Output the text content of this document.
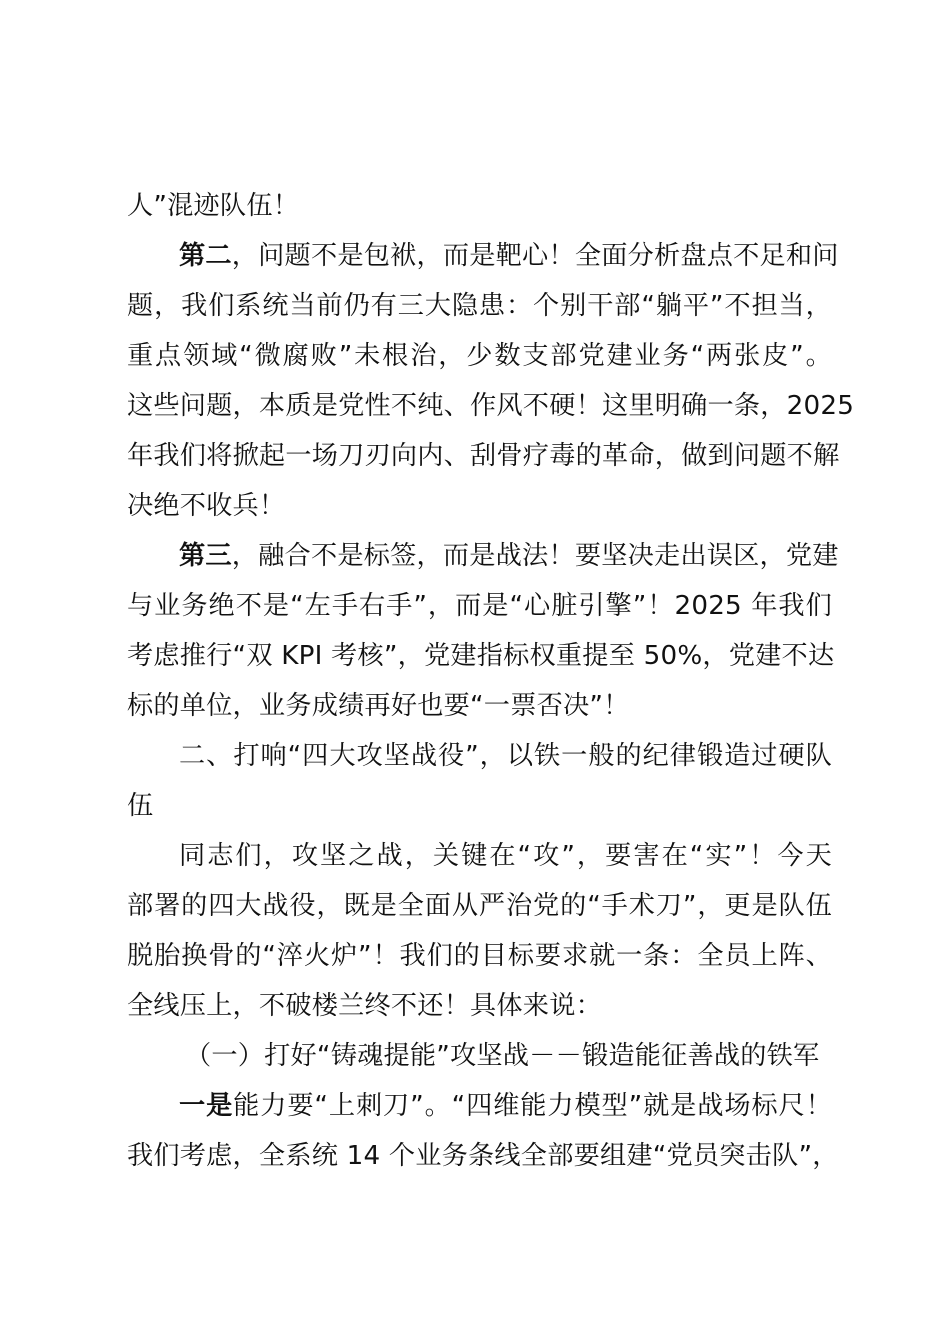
人”混迹队伍！
第二，问题不是包袱，而是靶心！全面分析盘点不足和问
题，我们系统当前仍有三大隐患：个别干部“躺平”不担当，
重点领域“微腐败”未根治，少数支部党建业务“两张皮”。
这些问题，本质是党性不纯、作风不硬！这里明确一条，2025
年我们将掀起一场刀刃向内、刮骨疗毒的革命，做到问题不解
决绝不收兵！
第三，融合不是标签，而是战法！要坚决走出误区，党建
与业务绝不是“左手右手”，而是“心脏引擎”！2025 年我们
考虑推行“双 KPI 考核”，党建指标权重提至 50%，党建不达
标的单位，业务成绩再好也要“一票否决”！
二、打响“四大攻坚战役”，以铁一般的纪律锻造过硬队
伍
同志们，攻坚之战，关键在“攻”，要害在“实”！今天
部署的四大战役，既是全面从严治党的“手术刀”，更是队伍
脱胎换骨的“淬火炉”！我们的目标要求就一条：全员上阵、
全线压上，不破楼兰终不还！具体来说：
（一）打好“铸魂提能”攻坚战－－锻造能征善战的铁军
一是能力要“上刺刀”。“四维能力模型”就是战场标尺！
我们考虑，全系统 14 个业务条线全部要组建“党员突击队”，
